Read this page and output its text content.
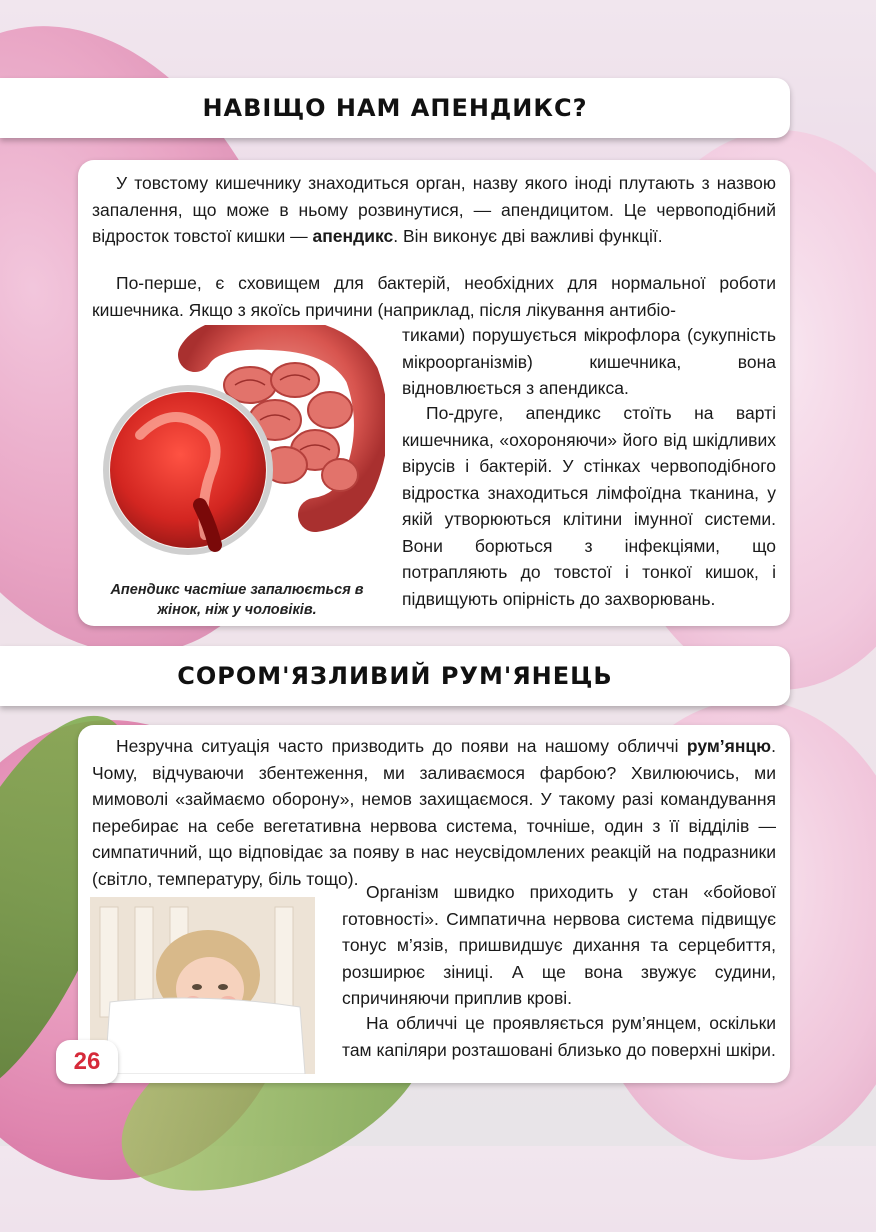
НАВІЩО НАМ АПЕНДИКС?

У товстому кишечнику знаходиться орган, назву якого іноді плутають з назвою запалення, що може в ньому розвинутися, — апендицитом. Це червоподібний відросток товстої кишки — апендикс. Він виконує дві важливі функції.

По-перше, є сховищем для бактерій, необхідних для нормальної роботи кишечника. Якщо з якоїсь причини (наприклад, після лікування антибіо-

тиками) порушується мікрофлора (сукупність мікроорганізмів) кишечника, вона відновлюється з апендикса.

По-друге, апендикс стоїть на варті кишечника, «охороняючи» його від шкідливих вірусів і бактерій. У стінках червоподібного відростка знаходиться лімфоїдна тканина, у якій утворюються клітини імунної системи. Вони борються з інфекціями, що потрапляють до товстої і тонкої кишок, і підвищують опірність до захворювань.

Апендикс частіше запалюється в жінок, ніж у чоловіків.
СОРОМ'ЯЗЛИВИЙ РУМ'ЯНЕЦЬ

Незручна ситуація часто призводить до появи на нашому обличчі рум’янцю. Чому, відчуваючи збентеження, ми заливаємося фарбою? Хвилюючись, ми мимоволі «займаємо оборону», немов захищаємося. У такому разі командування перебирає на себе вегетативна нервова система, точніше, один з її відділів — симпатичний, що відповідає за появу в нас неусвідомлених реакцій на подразники (світло, температуру, біль тощо).

Організм швидко приходить у стан «бойової готовності». Симпатична нервова система підвищує тонус м’язів, пришвидшує дихання та серцебиття, розширює зіниці. А ще вона звужує судини, спричиняючи приплив крові.

На обличчі це проявляється рум’янцем, оскільки там капіляри розташовані близько до поверхні шкіри.

26
